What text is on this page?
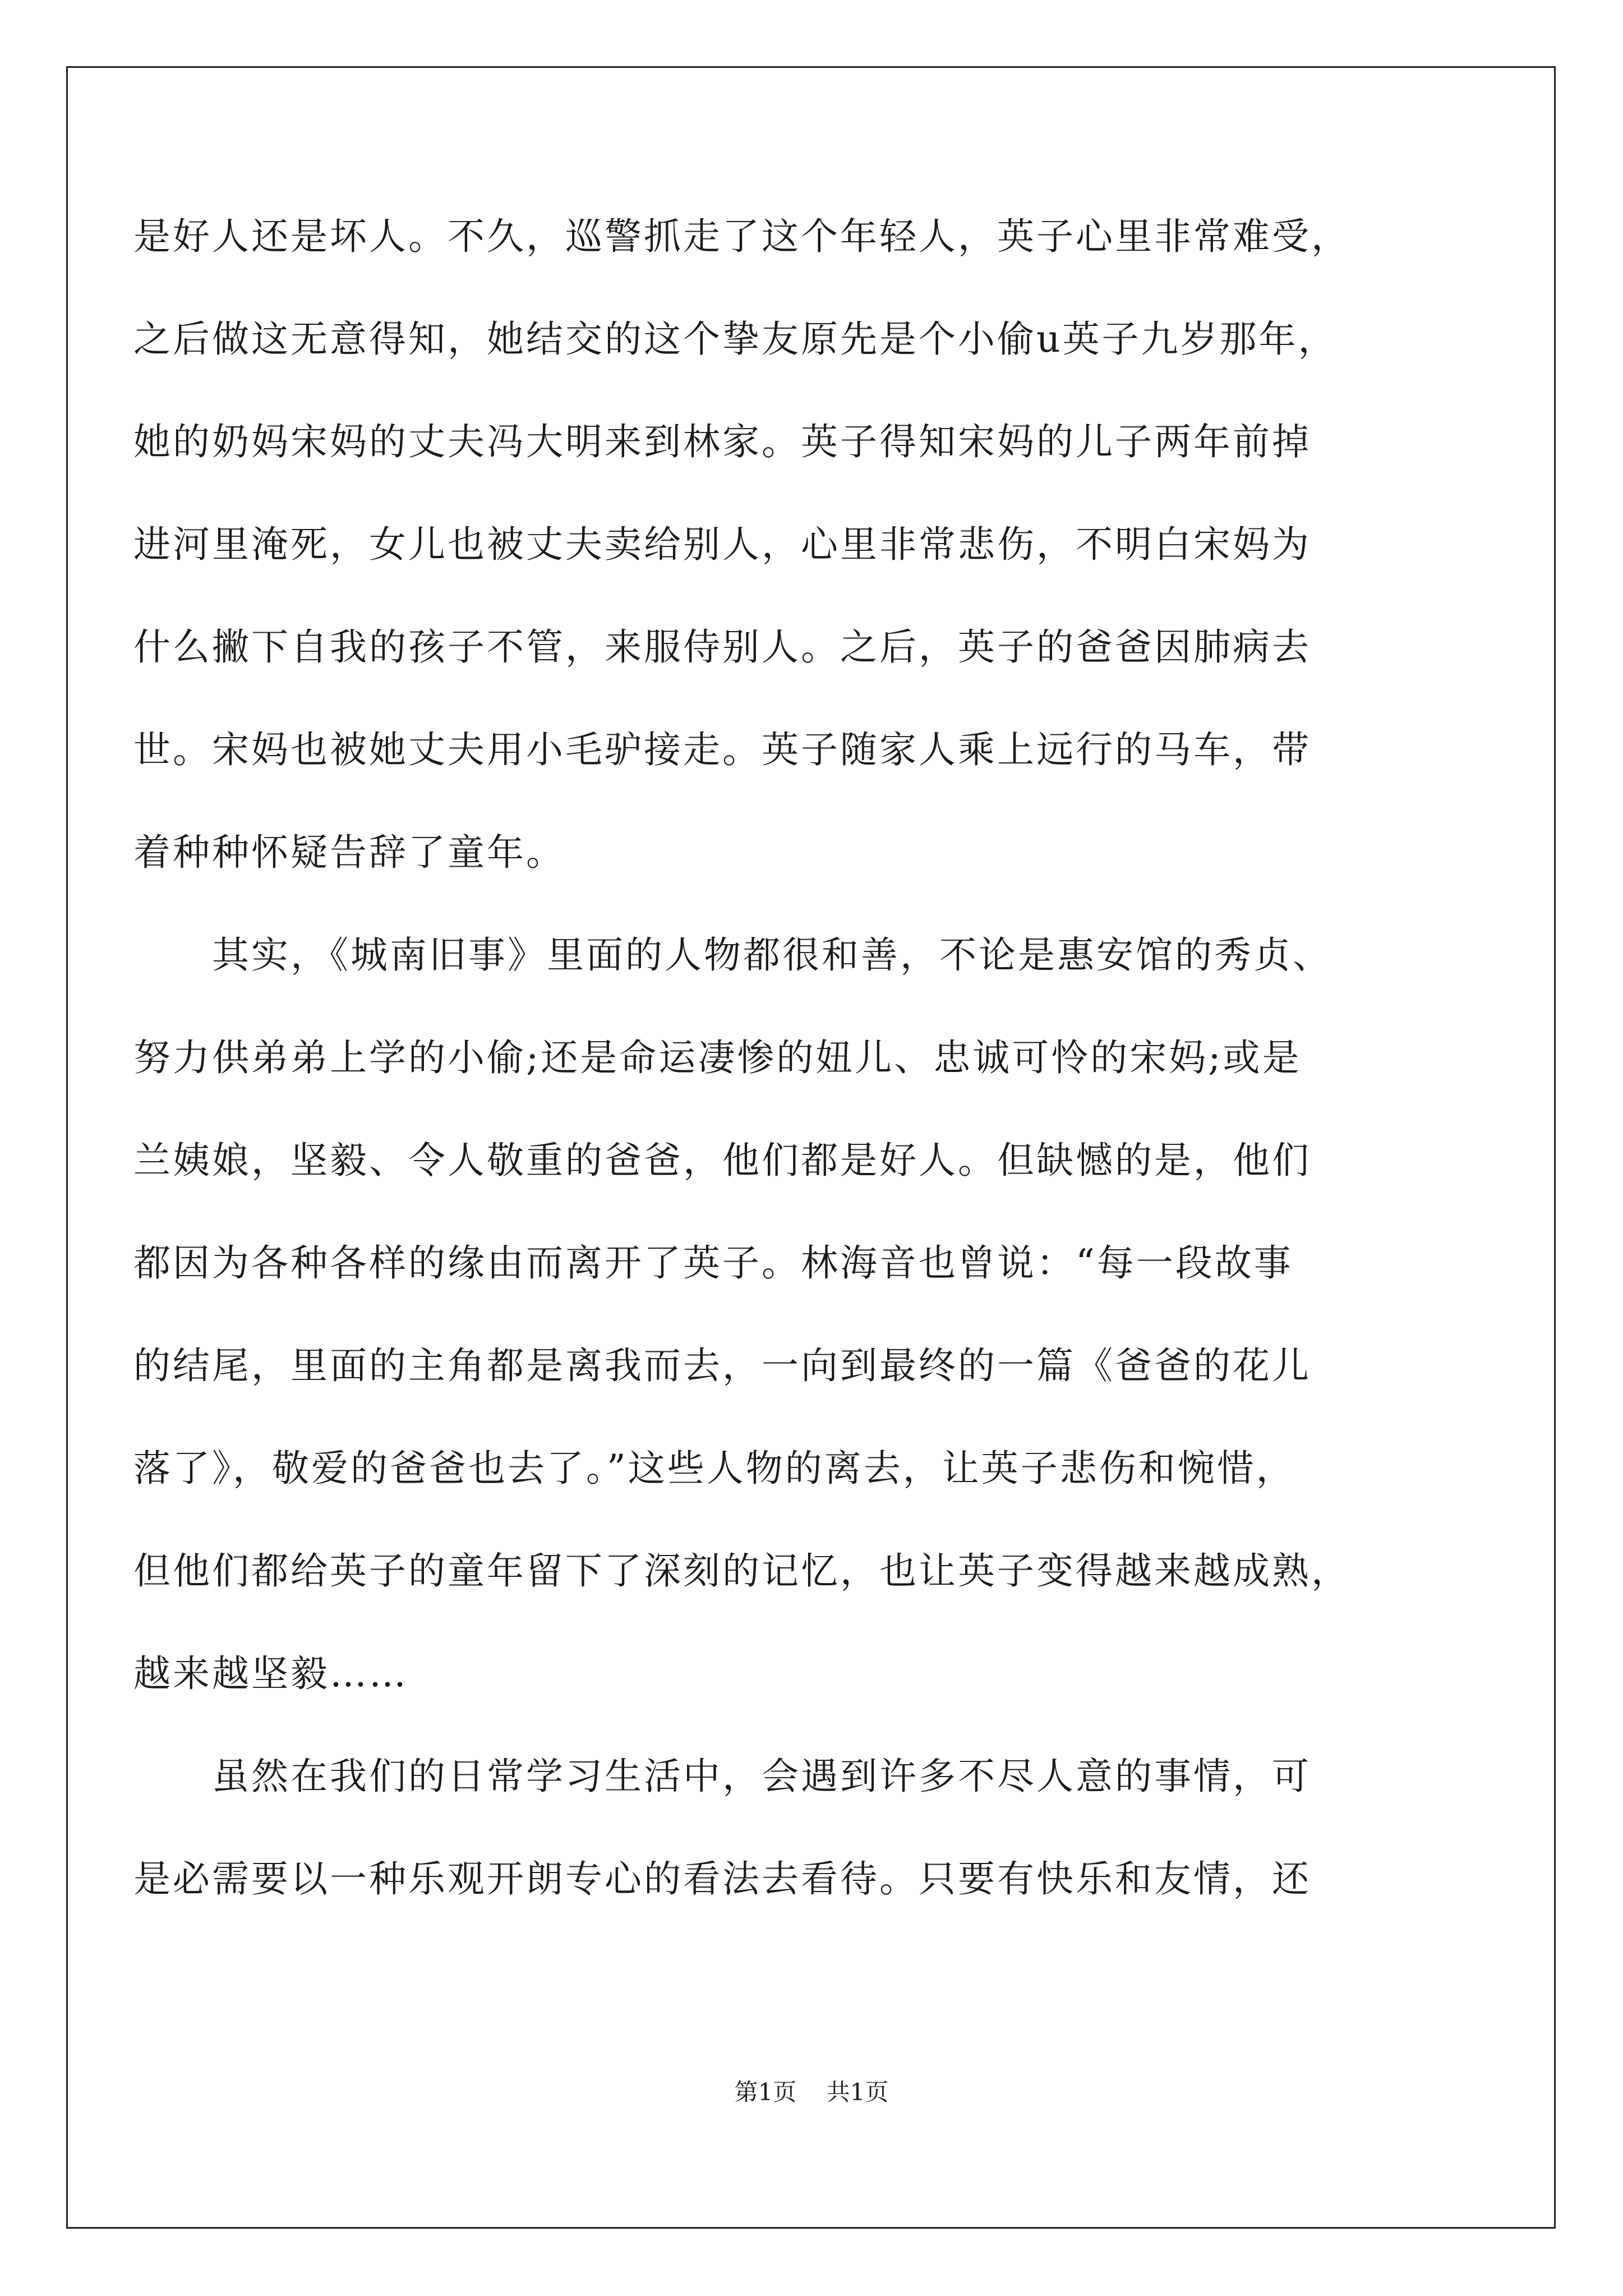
是好人还是坏人。不久，巡警抓走了这个年轻人，英子心里非常难受，
之后做这无意得知，她结交的这个挚友原先是个小偷u英子九岁那年，
她的奶妈宋妈的丈夫冯大明来到林家。英子得知宋妈的儿子两年前掉
进河里淹死，女儿也被丈夫卖给别人，心里非常悲伤，不明白宋妈为
什么撇下自我的孩子不管，来服侍别人。之后，英子的爸爸因肺病去
世。宋妈也被她丈夫用小毛驴接走。英子随家人乘上远行的马车，带
着种种怀疑告辞了童年。
　　其实，《城南旧事》里面的人物都很和善，不论是惠安馆的秀贞、
努力供弟弟上学的小偷;还是命运凄惨的妞儿、忠诚可怜的宋妈;或是
兰姨娘，坚毅、令人敬重的爸爸，他们都是好人。但缺憾的是，他们
都因为各种各样的缘由而离开了英子。林海音也曾说：“每一段故事
的结尾，里面的主角都是离我而去，一向到最终的一篇《爸爸的花儿
落了》，敬爱的爸爸也去了。”这些人物的离去，让英子悲伤和惋惜，
但他们都给英子的童年留下了深刻的记忆，也让英子变得越来越成熟，
越来越坚毅……
　　虽然在我们的日常学习生活中，会遇到许多不尽人意的事情，可
是必需要以一种乐观开朗专心的看法去看待。只要有快乐和友情，还
第1页 共1页
